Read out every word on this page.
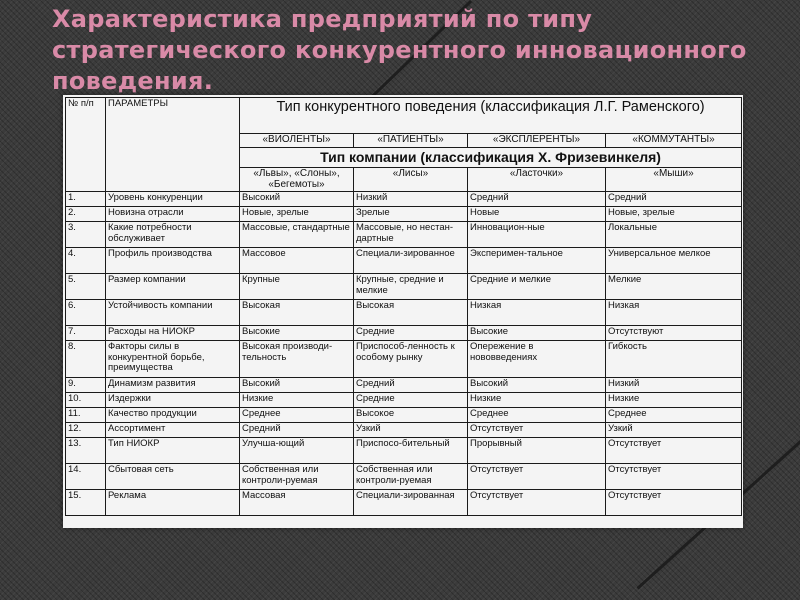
Характеристика предприятий по типу стратегического конкурентного инновационного поведения.
№ п/п	ПАРАМЕТРЫ	Тип конкурентного поведения (классификация Л.Г. Раменского)			
		«ВИОЛЕНТЫ»	«ПАТИЕНТЫ»	«ЭКСПЛЕРЕНТЫ»	«КОММУТАНТЫ»
		Тип компании (классификация Х. Фризевинкеля)			
		«Львы», «Слоны», «Бегемоты»	«Лисы»	«Ласточки»	«Мыши»
1.	Уровень конкуренции	Высокий	Низкий	Средний	Средний
2.	Новизна отрасли	Новые, зрелые	Зрелые	Новые	Новые, зрелые
3.	Какие потребности обслуживает	Массовые, стандартные	Массовые, но нестан-дартные	Инновацион-ные	Локальные
4.	Профиль производства	Массовое	Специали-зированное	Эксперимен-тальное	Универсальное мелкое
5.	Размер компании	Крупные	Крупные, средние и мелкие	Средние и мелкие	Мелкие
6.	Устойчивость компании	Высокая	Высокая	Низкая	Низкая
7.	Расходы на НИОКР	Высокие	Средние	Высокие	Отсутствуют
8.	Факторы силы в конкурентной борьбе, преимущества	Высокая производи-тельность	Приспособ-ленность к особому рынку	Опережение в нововведениях	Гибкость
9.	Динамизм развития	Высокий	Средний	Высокий	Низкий
10.	Издержки	Низкие	Средние	Низкие	Низкие
11.	Качество продукции	Среднее	Высокое	Среднее	Среднее
12.	Ассортимент	Средний	Узкий	Отсутствует	Узкий
13.	Тип НИОКР	Улучша-ющий	Приспосо-бительный	Прорывный	Отсутствует
14.	Сбытовая сеть	Собственная или контроли-руемая	Собственная или контроли-руемая	Отсутствует	Отсутствует
15.	Реклама	Массовая	Специали-зированная	Отсутствует	Отсутствует
